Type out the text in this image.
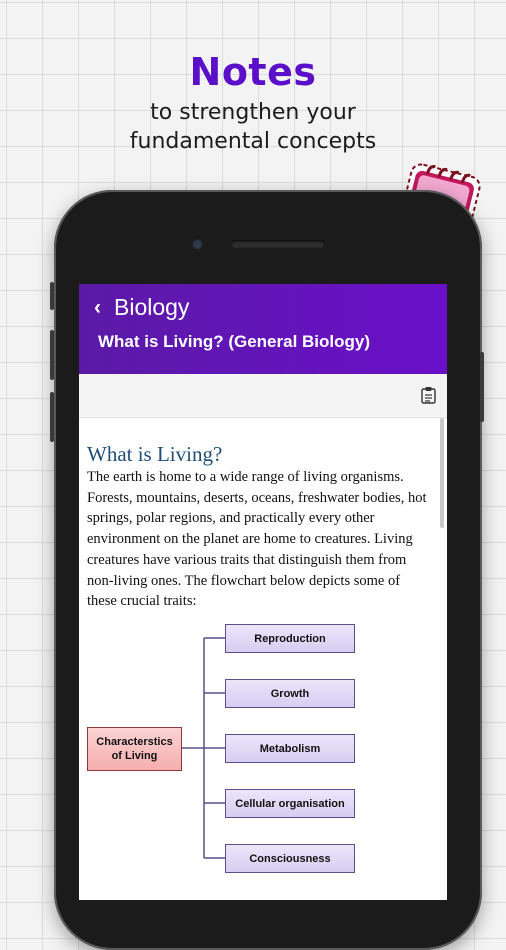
Notes
to strengthen your
fundamental concepts
‹ Biology
What is Living? (General Biology)
What is Living?
The earth is home to a wide range of living organisms. Forests, mountains, deserts, oceans, freshwater bodies, hot springs, polar regions, and practically every other environment on the planet are home to creatures. Living creatures have various traits that distinguish them from non-living ones. The flowchart below depicts some of these crucial traits:
Characterstics of Living
Reproduction
Growth
Metabolism
Cellular organisation
Consciousness
